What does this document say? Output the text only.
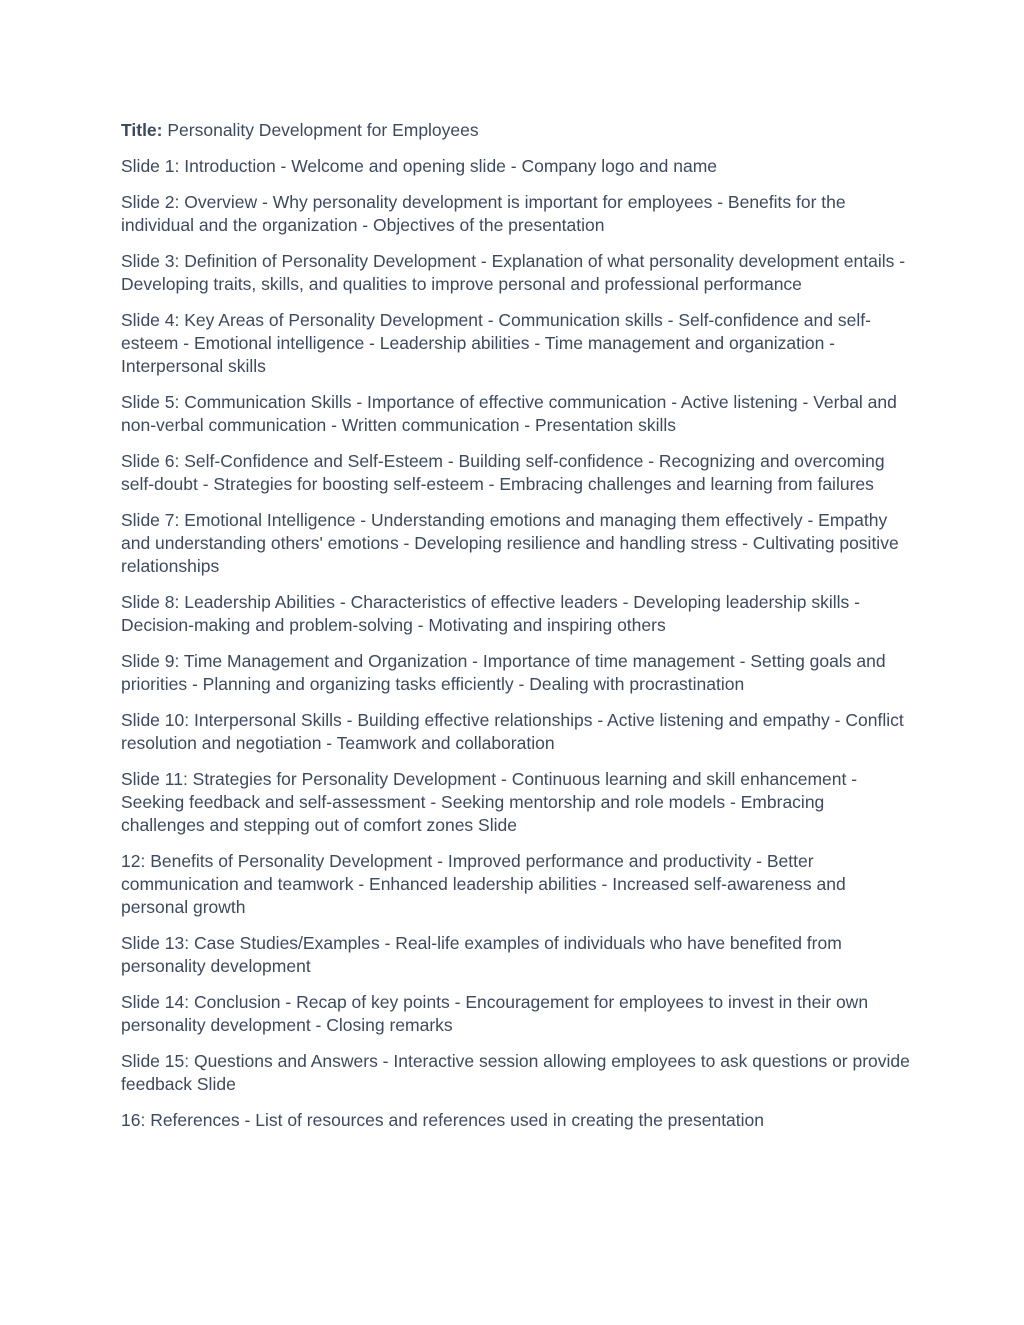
Title: Personality Development for Employees

Slide 1: Introduction - Welcome and opening slide - Company logo and name

Slide 2: Overview - Why personality development is important for employees - Benefits for the individual and the organization - Objectives of the presentation

Slide 3: Definition of Personality Development - Explanation of what personality development entails - Developing traits, skills, and qualities to improve personal and professional performance

Slide 4: Key Areas of Personality Development - Communication skills - Self-confidence and self-esteem - Emotional intelligence - Leadership abilities - Time management and organization - Interpersonal skills

Slide 5: Communication Skills - Importance of effective communication - Active listening - Verbal and non-verbal communication - Written communication - Presentation skills

Slide 6: Self-Confidence and Self-Esteem - Building self-confidence - Recognizing and overcoming self-doubt - Strategies for boosting self-esteem - Embracing challenges and learning from failures

Slide 7: Emotional Intelligence - Understanding emotions and managing them effectively - Empathy and understanding others' emotions - Developing resilience and handling stress - Cultivating positive relationships

Slide 8: Leadership Abilities - Characteristics of effective leaders - Developing leadership skills - Decision-making and problem-solving - Motivating and inspiring others

Slide 9: Time Management and Organization - Importance of time management - Setting goals and priorities - Planning and organizing tasks efficiently - Dealing with procrastination

Slide 10: Interpersonal Skills - Building effective relationships - Active listening and empathy - Conflict resolution and negotiation - Teamwork and collaboration

Slide 11: Strategies for Personality Development - Continuous learning and skill enhancement - Seeking feedback and self-assessment - Seeking mentorship and role models - Embracing challenges and stepping out of comfort zones Slide

12: Benefits of Personality Development - Improved performance and productivity - Better communication and teamwork - Enhanced leadership abilities - Increased self-awareness and personal growth

Slide 13: Case Studies/Examples - Real-life examples of individuals who have benefited from personality development

Slide 14: Conclusion - Recap of key points - Encouragement for employees to invest in their own personality development - Closing remarks

Slide 15: Questions and Answers - Interactive session allowing employees to ask questions or provide feedback Slide

16: References - List of resources and references used in creating the presentation
